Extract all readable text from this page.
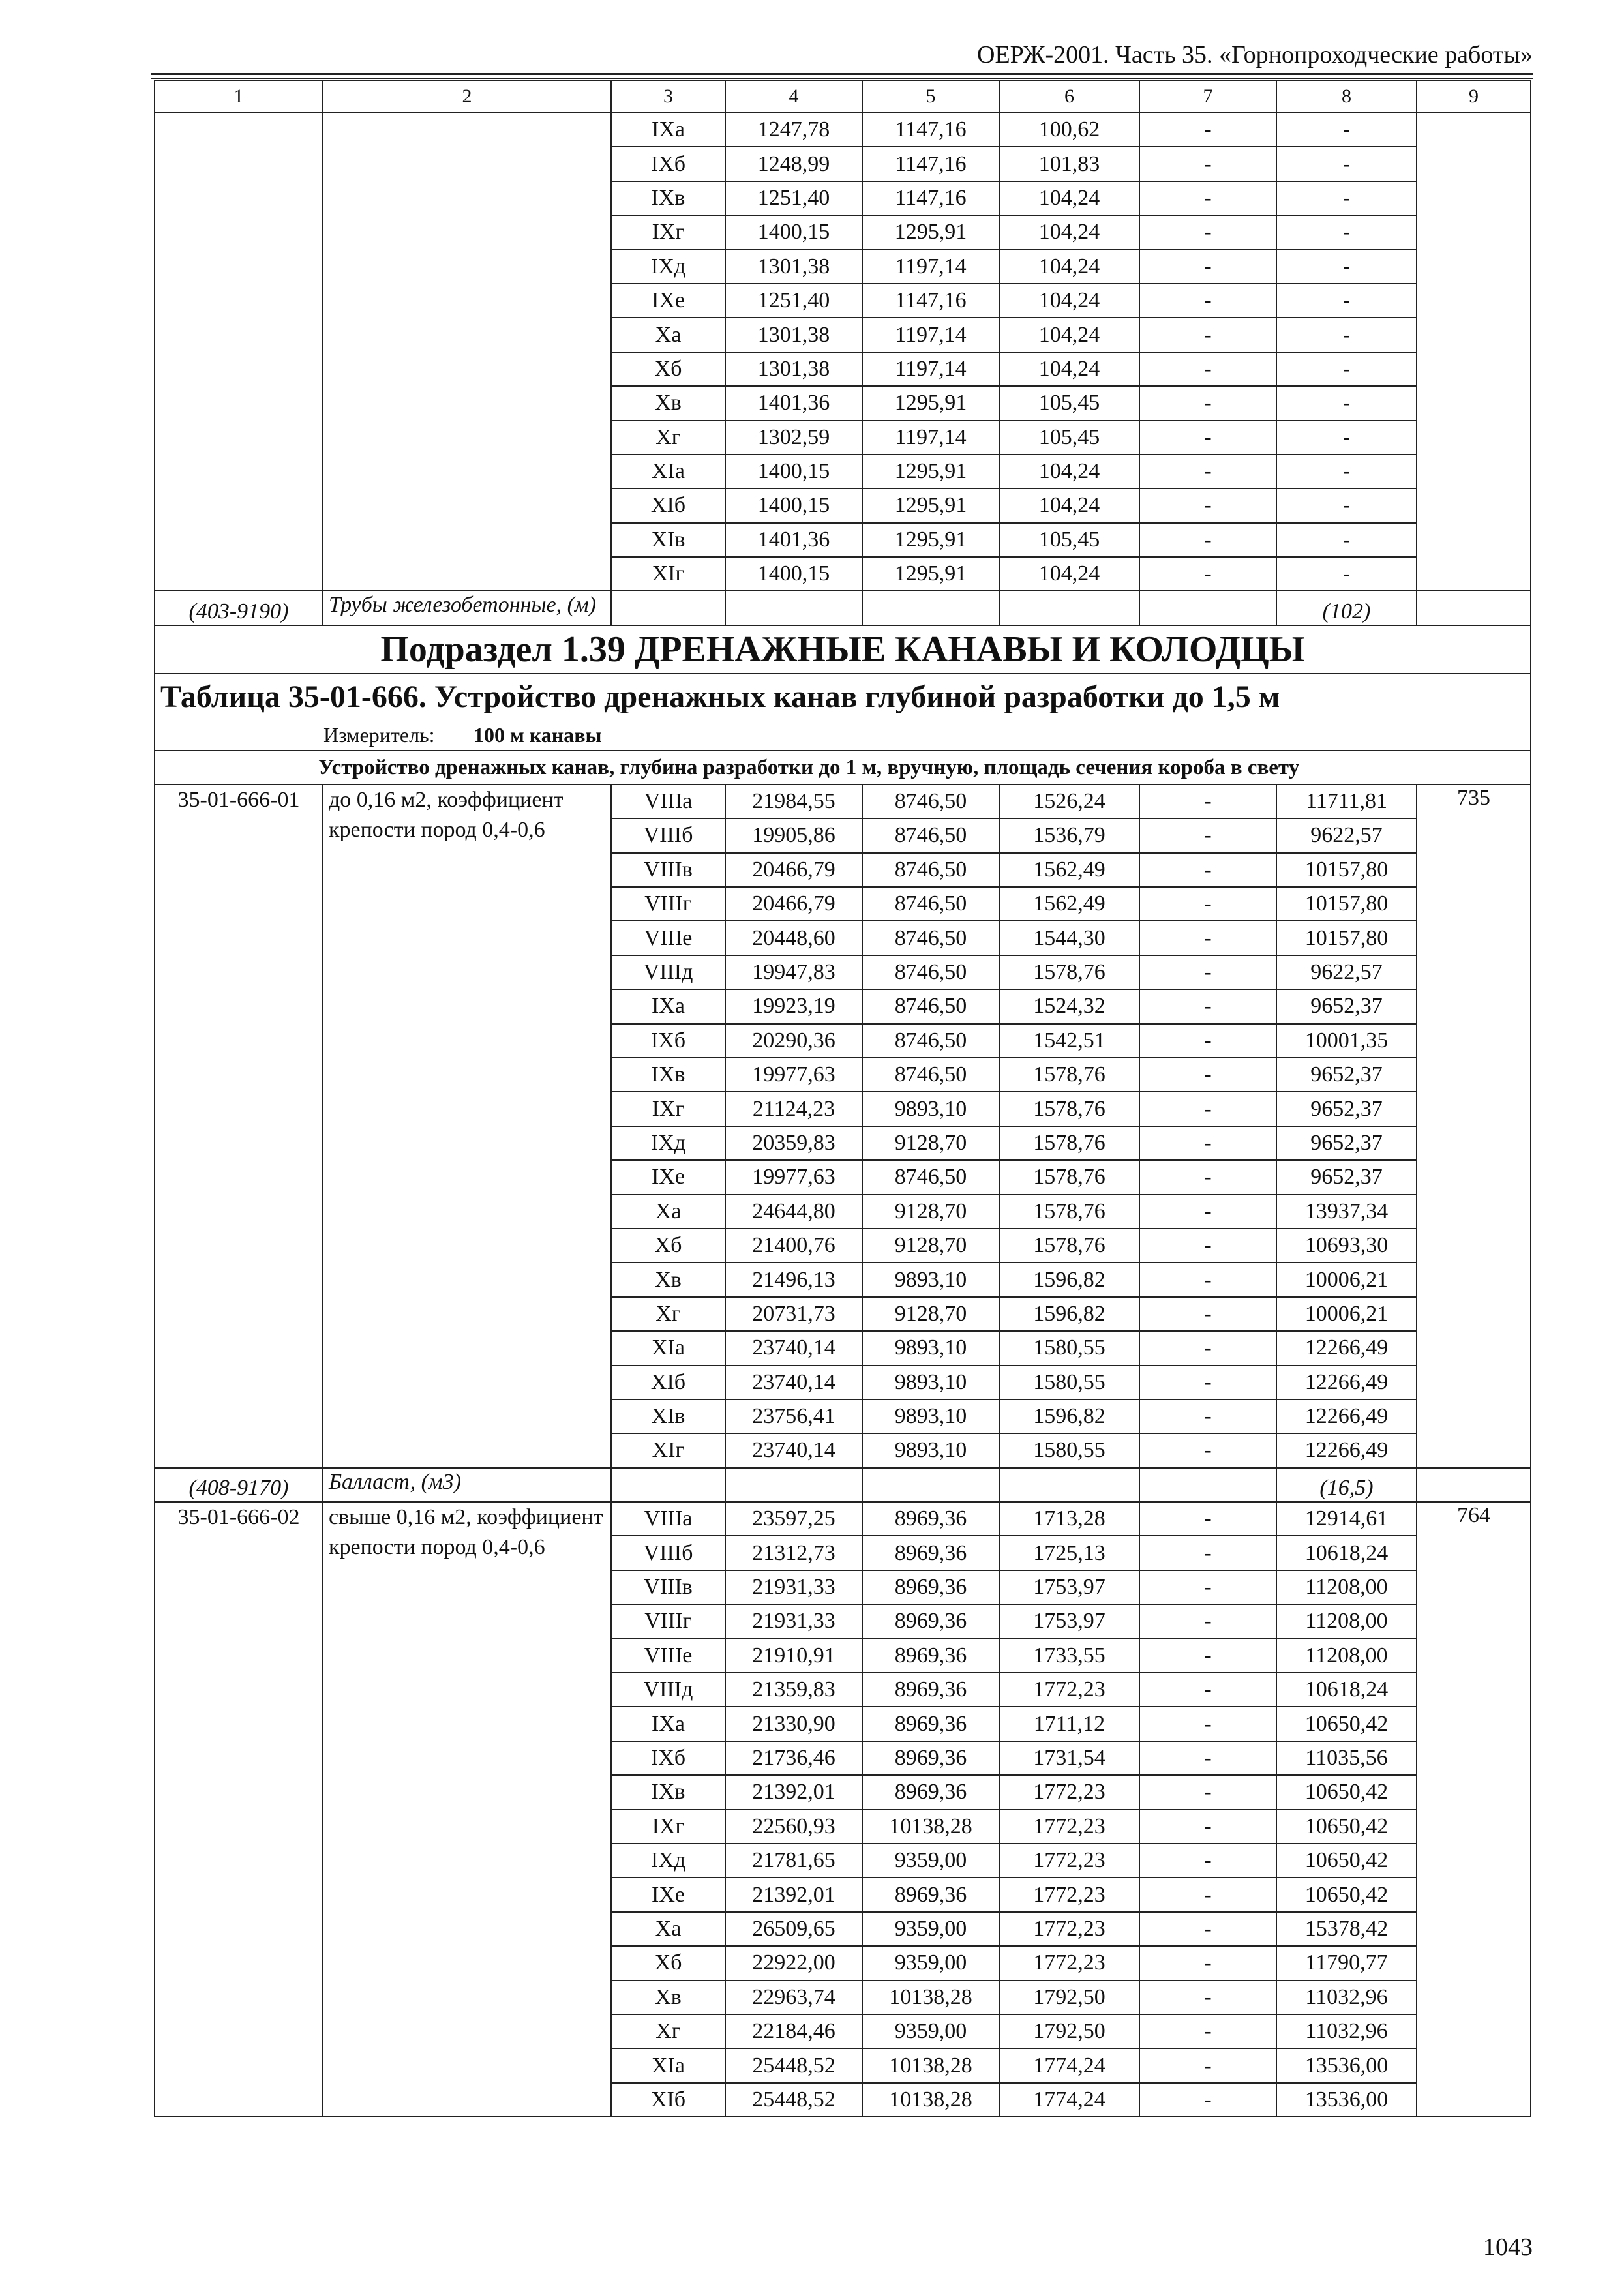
ОЕРЖ-2001. Часть 35. «Горнопроходческие работы»
1	2	3	4	5	6	7	8	9
		IXа	1247,78	1147,16	100,62	-	-	
		IXб	1248,99	1147,16	101,83	-	-	
		IXв	1251,40	1147,16	104,24	-	-	
		IXг	1400,15	1295,91	104,24	-	-	
		IXд	1301,38	1197,14	104,24	-	-	
		IXе	1251,40	1147,16	104,24	-	-	
		Xа	1301,38	1197,14	104,24	-	-	
		Xб	1301,38	1197,14	104,24	-	-	
		Xв	1401,36	1295,91	105,45	-	-	
		Xг	1302,59	1197,14	105,45	-	-	
		XIа	1400,15	1295,91	104,24	-	-	
		XIб	1400,15	1295,91	104,24	-	-	
		XIв	1401,36	1295,91	105,45	-	-	
		XIг	1400,15	1295,91	104,24	-	-	
(403-9190)	Трубы железобетонные, (м)						(102)	
Подраздел 1.39 ДРЕНАЖНЫЕ КАНАВЫ И КОЛОДЦЫ								
Таблица 35-01-666. Устройство дренажных канав глубиной разработки до 1,5 м								
Измеритель: 100 м канавы								
Устройство дренажных канав, глубина разработки до 1 м, вручную, площадь сечения короба в свету								

35-01-666-01	до 0,16 м2, коэффициент крепости пород 0,4-0,6	VIIIа	21984,55	8746,50	1526,24	-	11711,81	735
		VIIIб	19905,86	8746,50	1536,79	-	9622,57	
		VIIIв	20466,79	8746,50	1562,49	-	10157,80	
		VIIIг	20466,79	8746,50	1562,49	-	10157,80	
		VIIIе	20448,60	8746,50	1544,30	-	10157,80	
		VIIIд	19947,83	8746,50	1578,76	-	9622,57	
		IXа	19923,19	8746,50	1524,32	-	9652,37	
		IXб	20290,36	8746,50	1542,51	-	10001,35	
		IXв	19977,63	8746,50	1578,76	-	9652,37	
		IXг	21124,23	9893,10	1578,76	-	9652,37	
		IXд	20359,83	9128,70	1578,76	-	9652,37	
		IXе	19977,63	8746,50	1578,76	-	9652,37	
		Xа	24644,80	9128,70	1578,76	-	13937,34	
		Xб	21400,76	9128,70	1578,76	-	10693,30	
		Xв	21496,13	9893,10	1596,82	-	10006,21	
		Xг	20731,73	9128,70	1596,82	-	10006,21	
		XIа	23740,14	9893,10	1580,55	-	12266,49	
		XIб	23740,14	9893,10	1580,55	-	12266,49	
		XIв	23756,41	9893,10	1596,82	-	12266,49	
		XIг	23740,14	9893,10	1580,55	-	12266,49	
(408-9170)	Балласт, (м3)						(16,5)	

35-01-666-02	свыше 0,16 м2, коэффициент крепости пород 0,4-0,6	VIIIа	23597,25	8969,36	1713,28	-	12914,61	764
		VIIIб	21312,73	8969,36	1725,13	-	10618,24	
		VIIIв	21931,33	8969,36	1753,97	-	11208,00	
		VIIIг	21931,33	8969,36	1753,97	-	11208,00	
		VIIIе	21910,91	8969,36	1733,55	-	11208,00	
		VIIIд	21359,83	8969,36	1772,23	-	10618,24	
		IXа	21330,90	8969,36	1711,12	-	10650,42	
		IXб	21736,46	8969,36	1731,54	-	11035,56	
		IXв	21392,01	8969,36	1772,23	-	10650,42	
		IXг	22560,93	10138,28	1772,23	-	10650,42	
		IXд	21781,65	9359,00	1772,23	-	10650,42	
		IXе	21392,01	8969,36	1772,23	-	10650,42	
		Xа	26509,65	9359,00	1772,23	-	15378,42	
		Xб	22922,00	9359,00	1772,23	-	11790,77	
		Xв	22963,74	10138,28	1792,50	-	11032,96	
		Xг	22184,46	9359,00	1792,50	-	11032,96	
		XIа	25448,52	10138,28	1774,24	-	13536,00	
		XIб	25448,52	10138,28	1774,24	-	13536,00	
1043
